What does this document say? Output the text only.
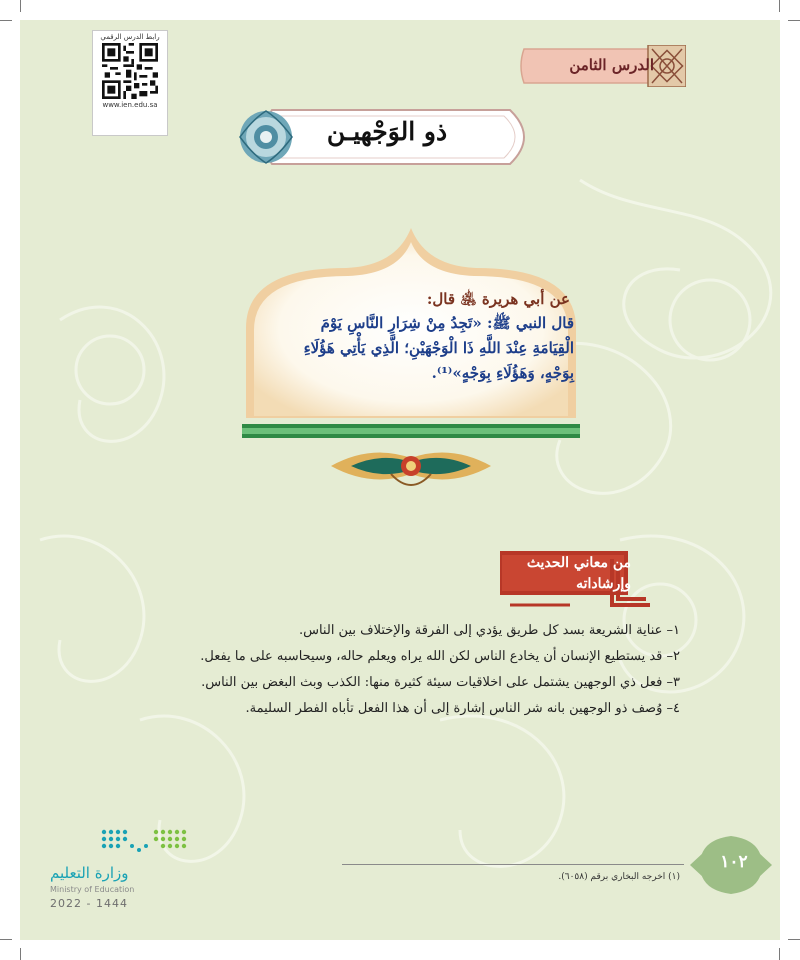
رابط الدرس الرقمي
www.ien.edu.sa
الدرس الثامن
ذو الوَجْهيـن
عن أبي هريرة ﵁ قال:
قال النبي ﷺ: «تَجِدُ مِنْ شِرَارِ النَّاسِ يَوْمَ
الْقِيَامَةِ عِنْدَ اللَّهِ ذَا الْوَجْهَيْنِ؛ الَّذِي يَأْتِي هَؤُلَاءِ
بِوَجْهٍ، وَهَؤُلَاءِ بِوَجْهٍ»⁽¹⁾.
من معاني الحديث
وإرشاداته
١– عناية الشريعة بسد كل طريق يؤدي إلى الفرقة والإختلاف بين الناس.
٢– قد يستطيع الإنسان أن يخادع الناس لكن الله يراه ويعلم حاله، وسيحاسبه على ما يفعل.
٣– فعل ذي الوجهين يشتمل على اخلاقيات سيئة كثيرة منها: الكذب وبث البغض بين الناس.
٤– وُصف ذو الوجهين بانه شر الناس إشارة إلى أن هذا الفعل تأباه الفطر السليمة.
(١) اخرجه البخاري برقم (٦٠٥٨).
١٠٢
وزارة التعليم
Ministry of Education
2022 - 1444
